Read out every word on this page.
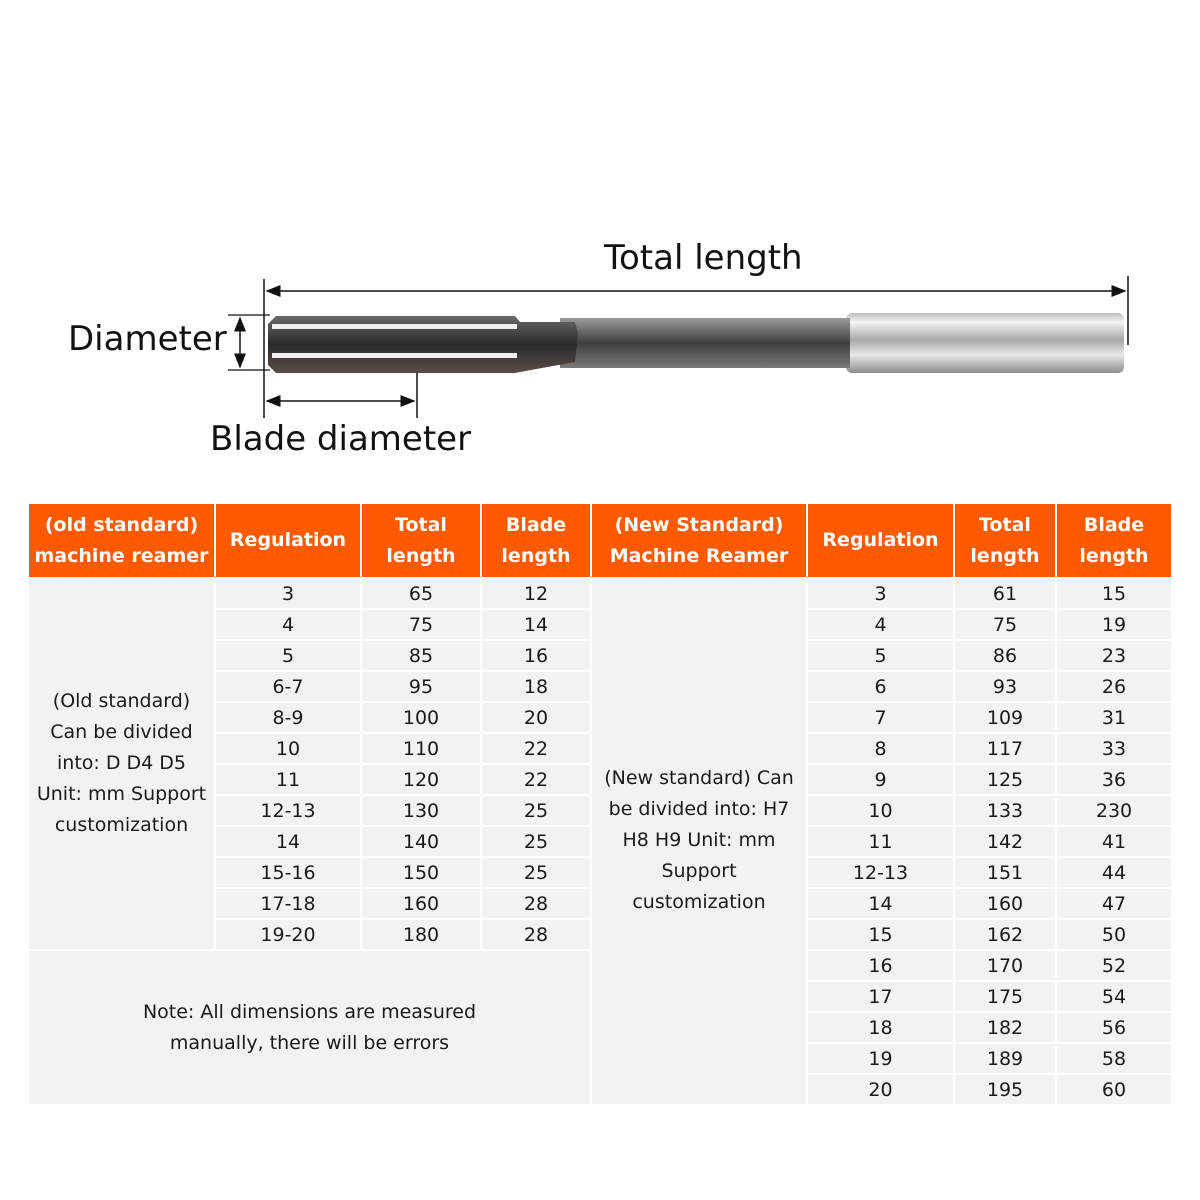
Total length
Diameter
Blade diameter
(old standard) machine reamer
Regulation
Total length
Blade length
(New Standard) Machine Reamer
Regulation
Total length
Blade length
(Old standard) Can be divided into: D D4 D5 Unit: mm Support customization
Note: All dimensions are measured manually, there will be errors
(New standard) Can be divided into: H7 H8 H9 Unit: mm Support customization
3	65	12
4	75	14
5	85	16
6-7	95	18
8-9	100	20
10	110	22
11	120	22
12-13	130	25
14	140	25
15-16	150	25
17-18	160	28
19-20	180	28
3	61	15
4	75	19
5	86	23
6	93	26
7	109	31
8	117	33
9	125	36
10	133	230
11	142	41
12-13	151	44
14	160	47
15	162	50
16	170	52
17	175	54
18	182	56
19	189	58
20	195	60
